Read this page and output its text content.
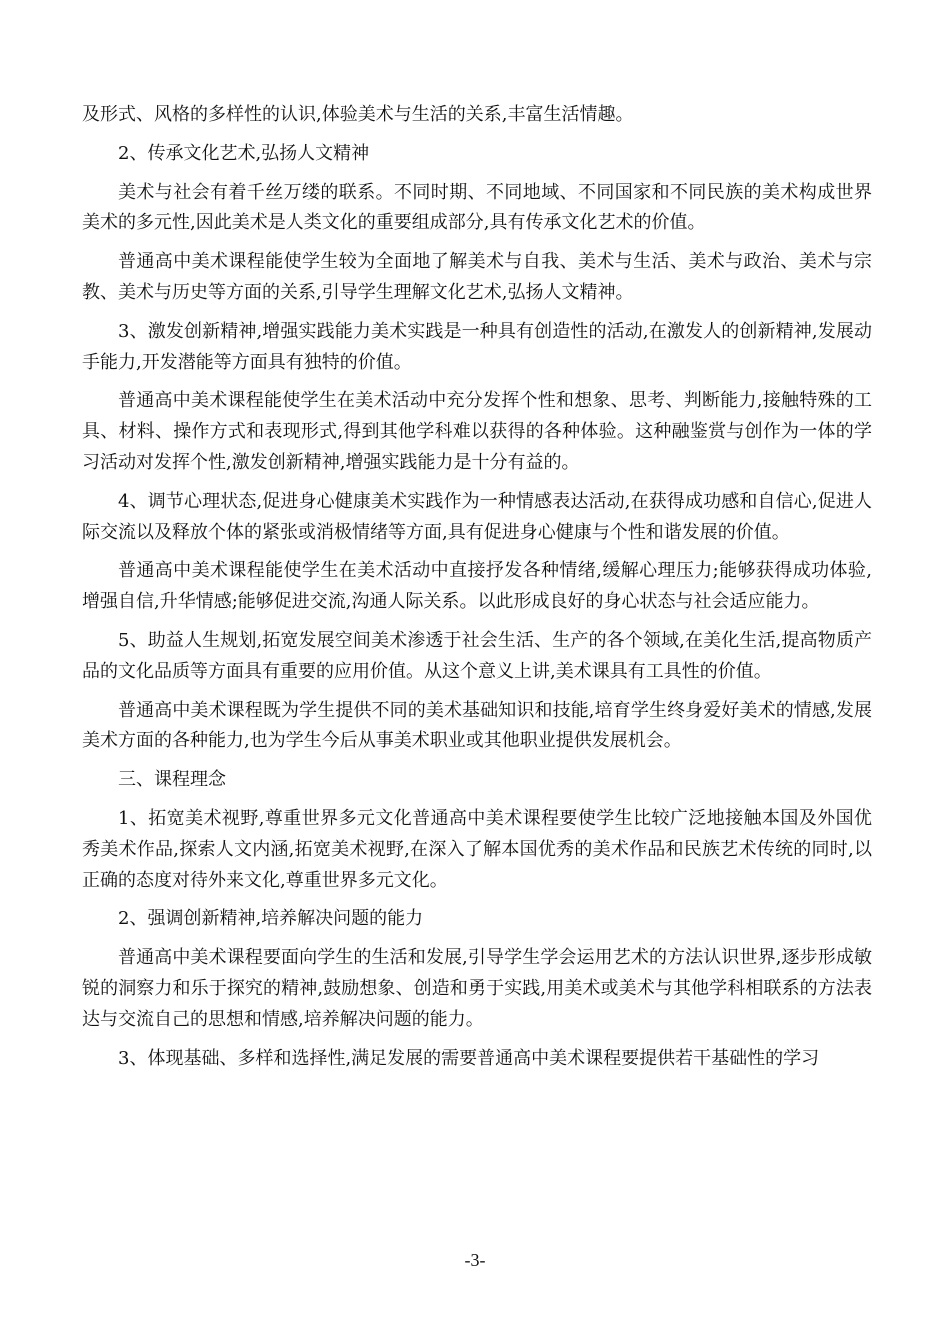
及形式、风格的多样性的认识,体验美术与生活的关系,丰富生活情趣。

2、传承文化艺术,弘扬人文精神

美术与社会有着千丝万缕的联系。不同时期、不同地域、不同国家和不同民族的美术构成世界美术的多元性,因此美术是人类文化的重要组成部分,具有传承文化艺术的价值。

普通高中美术课程能使学生较为全面地了解美术与自我、美术与生活、美术与政治、美术与宗教、美术与历史等方面的关系,引导学生理解文化艺术,弘扬人文精神。

3、激发创新精神,增强实践能力美术实践是一种具有创造性的活动,在激发人的创新精神,发展动手能力,开发潜能等方面具有独特的价值。

普通高中美术课程能使学生在美术活动中充分发挥个性和想象、思考、判断能力,接触特殊的工具、材料、操作方式和表现形式,得到其他学科难以获得的各种体验。这种融鉴赏与创作为一体的学习活动对发挥个性,激发创新精神,增强实践能力是十分有益的。

4、调节心理状态,促进身心健康美术实践作为一种情感表达活动,在获得成功感和自信心,促进人际交流以及释放个体的紧张或消极情绪等方面,具有促进身心健康与个性和谐发展的价值。

普通高中美术课程能使学生在美术活动中直接抒发各种情绪,缓解心理压力;能够获得成功体验,增强自信,升华情感;能够促进交流,沟通人际关系。以此形成良好的身心状态与社会适应能力。

5、助益人生规划,拓宽发展空间美术渗透于社会生活、生产的各个领域,在美化生活,提高物质产品的文化品质等方面具有重要的应用价值。从这个意义上讲,美术课具有工具性的价值。

普通高中美术课程既为学生提供不同的美术基础知识和技能,培育学生终身爱好美术的情感,发展美术方面的各种能力,也为学生今后从事美术职业或其他职业提供发展机会。

三、课程理念

1、拓宽美术视野,尊重世界多元文化普通高中美术课程要使学生比较广泛地接触本国及外国优秀美术作品,探索人文内涵,拓宽美术视野,在深入了解本国优秀的美术作品和民族艺术传统的同时,以正确的态度对待外来文化,尊重世界多元文化。

2、强调创新精神,培养解决问题的能力

普通高中美术课程要面向学生的生活和发展,引导学生学会运用艺术的方法认识世界,逐步形成敏锐的洞察力和乐于探究的精神,鼓励想象、创造和勇于实践,用美术或美术与其他学科相联系的方法表达与交流自己的思想和情感,培养解决问题的能力。

3、体现基础、多样和选择性,满足发展的需要普通高中美术课程要提供若干基础性的学习

-3-
